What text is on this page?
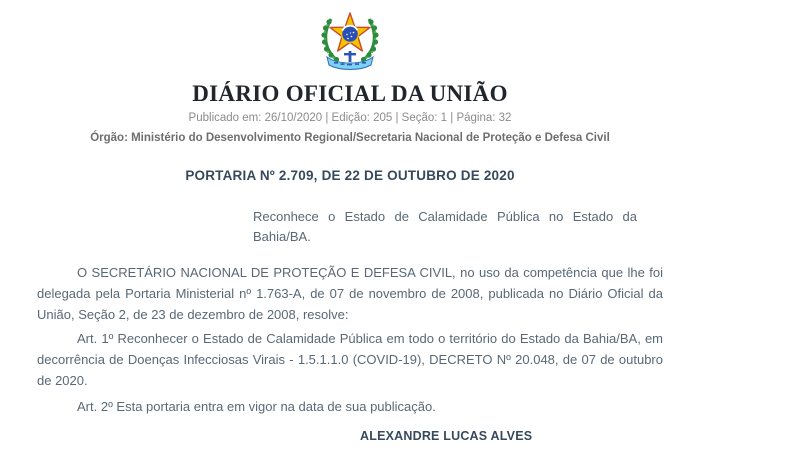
DIÁRIO OFICIAL DA UNIÃO
Publicado em: 26/10/2020 | Edição: 205 | Seção: 1 | Página: 32
Órgão: Ministério do Desenvolvimento Regional/Secretaria Nacional de Proteção e Defesa Civil
PORTARIA Nº 2.709, DE 22 DE OUTUBRO DE 2020
Reconhece o Estado de Calamidade Pública no Estado da Bahia/BA.

O SECRETÁRIO NACIONAL DE PROTEÇÃO E DEFESA CIVIL, no uso da competência que lhe foi delegada pela Portaria Ministerial nº 1.763-A, de 07 de novembro de 2008, publicada no Diário Oficial da União, Seção 2, de 23 de dezembro de 2008, resolve:

Art. 1º Reconhecer o Estado de Calamidade Pública em todo o território do Estado da Bahia/BA, em decorrência de Doenças Infecciosas Virais - 1.5.1.1.0 (COVID-19), DECRETO Nº 20.048, de 07 de outubro de 2020.

Art. 2º Esta portaria entra em vigor na data de sua publicação.

ALEXANDRE LUCAS ALVES
